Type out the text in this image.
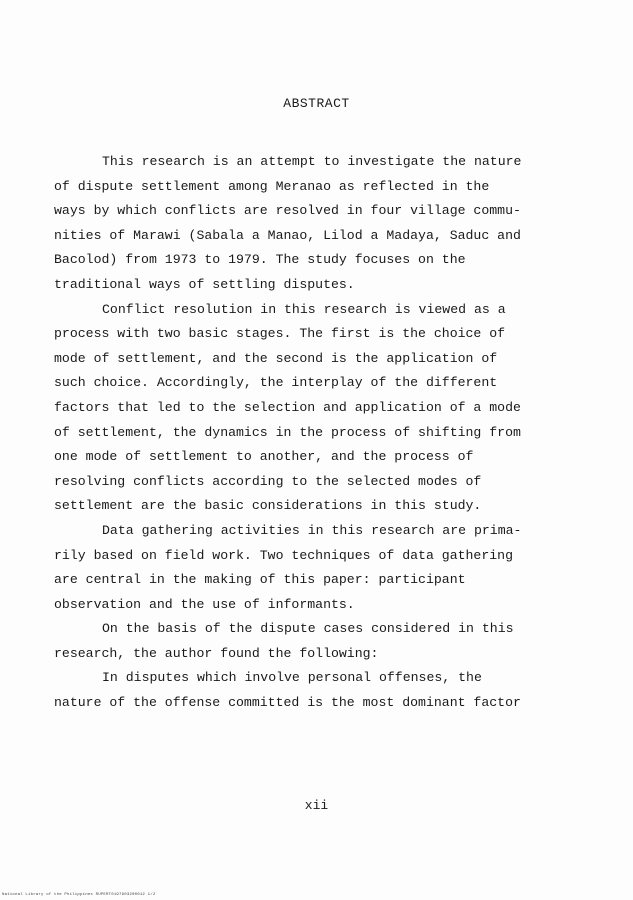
ABSTRACT
This research is an attempt to investigate the nature
of dispute settlement among Meranao as reflected in the
ways by which conflicts are resolved in four village commu-
nities of Marawi (Sabala a Manao, Lilod a Madaya, Saduc and
Bacolod) from 1973 to 1979. The study focuses on the
traditional ways of settling disputes.
Conflict resolution in this research is viewed as a
process with two basic stages. The first is the choice of
mode of settlement, and the second is the application of
such choice. Accordingly, the interplay of the different
factors that led to the selection and application of a mode
of settlement, the dynamics in the process of shifting from
one mode of settlement to another, and the process of
resolving conflicts according to the selected modes of
settlement are the basic considerations in this study.
Data gathering activities in this research are prima-
rily based on field work. Two techniques of data gathering
are central in the making of this paper: participant
observation and the use of informants.
On the basis of the dispute cases considered in this
research, the author found the following:
In disputes which involve personal offenses, the
nature of the offense committed is the most dominant factor
xii
National Library of the Philippines RUPERT0197903200012 1/2
